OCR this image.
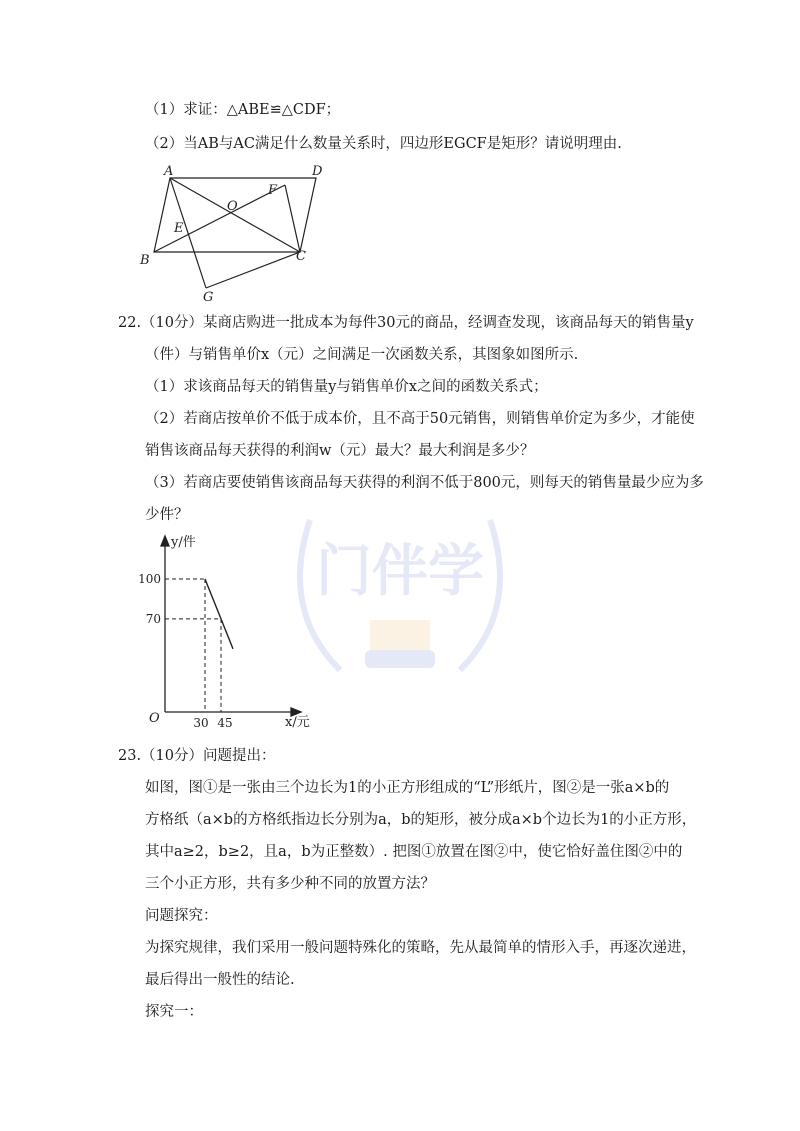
门伴学
（1）求证：△ABE≌△CDF；
（2）当AB与AC满足什么数量关系时，四边形EGCF是矩形？请说明理由.
A	D
O
F
E
B	C
G
22.（10分）某商店购进一批成本为每件30元的商品，经调查发现，该商品每天的销售量y
（件）与销售单价x（元）之间满足一次函数关系，其图象如图所示.
（1）求该商品每天的销售量y与销售单价x之间的函数关系式；
（2）若商店按单价不低于成本价，且不高于50元销售，则销售单价定为多少，才能使
销售该商品每天获得的利润w（元）最大？最大利润是多少？
（3）若商店要使销售该商品每天获得的利润不低于800元，则每天的销售量最少应为多
少件？
y/件
x/元
O
100
30
70
45
23.（10分）问题提出：
如图，图①是一张由三个边长为1的小正方形组成的“L”形纸片，图②是一张a×b的
方格纸（a×b的方格纸指边长分别为a，b的矩形，被分成a×b个边长为1的小正方形，
其中a≥2，b≥2，且a，b为正整数）. 把图①放置在图②中，使它恰好盖住图②中的
三个小正方形，共有多少种不同的放置方法？
问题探究：
为探究规律，我们采用一般问题特殊化的策略，先从最简单的情形入手，再逐次递进，
最后得出一般性的结论.
探究一：
